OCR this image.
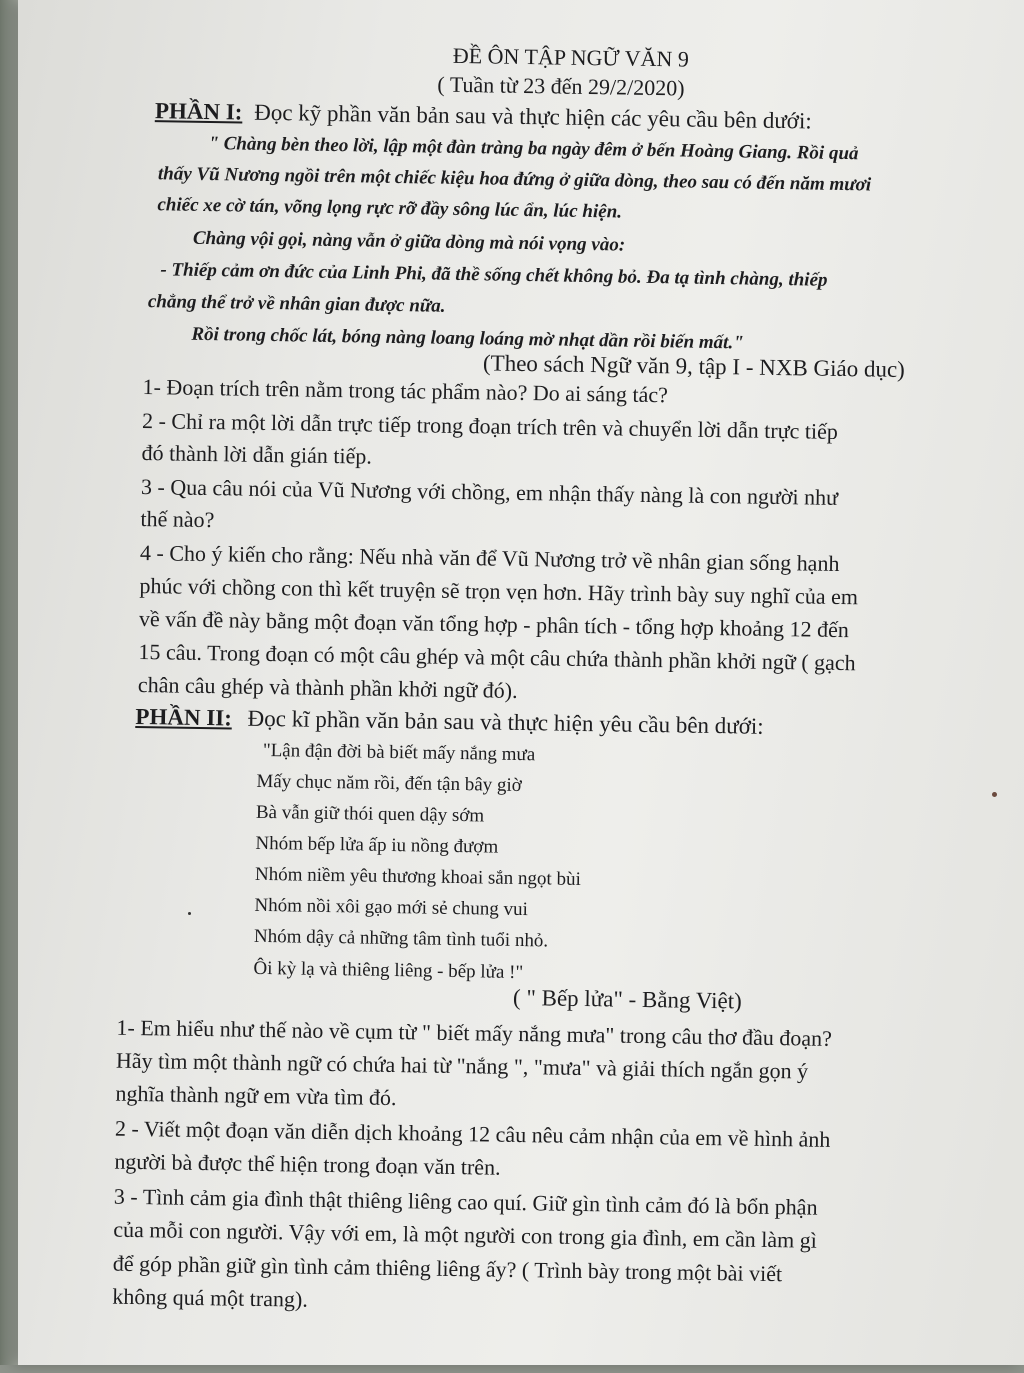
ĐỀ ÔN TẬP NGỮ VĂN 9
( Tuần từ 23 đến 29/2/2020)
PHẦN I: Đọc kỹ phần văn bản sau và thực hiện các yêu cầu bên dưới:
" Chàng bèn theo lời, lập một đàn tràng ba ngày đêm ở bến Hoàng Giang. Rồi quả
thấy Vũ Nương ngồi trên một chiếc kiệu hoa đứng ở giữa dòng, theo sau có đến năm mươi
chiếc xe cờ tán, võng lọng rực rỡ đầy sông lúc ẩn, lúc hiện.
Chàng vội gọi, nàng vẫn ở giữa dòng mà nói vọng vào:
- Thiếp cảm ơn đức của Linh Phi, đã thề sống chết không bỏ. Đa tạ tình chàng, thiếp
chẳng thể trở về nhân gian được nữa.
Rồi trong chốc lát, bóng nàng loang loáng mờ nhạt dần rồi biến mất."
(Theo sách Ngữ văn 9, tập I - NXB Giáo dục)
1- Đoạn trích trên nằm trong tác phẩm nào? Do ai sáng tác?
2 - Chỉ ra một lời dẫn trực tiếp trong đoạn trích trên và chuyển lời dẫn trực tiếp
đó thành lời dẫn gián tiếp.
3 - Qua câu nói của Vũ Nương với chồng, em nhận thấy nàng là con người như
thế nào?
4 - Cho ý kiến cho rằng: Nếu nhà văn để Vũ Nương trở về nhân gian sống hạnh
phúc với chồng con thì kết truyện sẽ trọn vẹn hơn. Hãy trình bày suy nghĩ của em
về vấn đề này bằng một đoạn văn tổng hợp - phân tích - tổng hợp khoảng 12 đến
15 câu. Trong đoạn có một câu ghép và một câu chứa thành phần khởi ngữ ( gạch
chân câu ghép và thành phần khởi ngữ đó).
PHẦN II: Đọc kĩ phần văn bản sau và thực hiện yêu cầu bên dưới:
"Lận đận đời bà biết mấy nắng mưa
Mấy chục năm rồi, đến tận bây giờ
Bà vẫn giữ thói quen dậy sớm
Nhóm bếp lửa ấp iu nồng đượm
Nhóm niềm yêu thương khoai sắn ngọt bùi
Nhóm nồi xôi gạo mới sẻ chung vui
Nhóm dậy cả những tâm tình tuổi nhỏ.
Ôi kỳ lạ và thiêng liêng - bếp lửa !"
( " Bếp lửa" - Bằng Việt)
1- Em hiểu như thế nào về cụm từ " biết mấy nắng mưa" trong câu thơ đầu đoạn?
Hãy tìm một thành ngữ có chứa hai từ "nắng ", "mưa" và giải thích ngắn gọn ý
nghĩa thành ngữ em vừa tìm đó.
2 - Viết một đoạn văn diễn dịch khoảng 12 câu nêu cảm nhận của em về hình ảnh
người bà được thể hiện trong đoạn văn trên.
3 - Tình cảm gia đình thật thiêng liêng cao quí. Giữ gìn tình cảm đó là bổn phận
của mỗi con người. Vậy với em, là một người con trong gia đình, em cần làm gì
để góp phần giữ gìn tình cảm thiêng liêng ấy? ( Trình bày trong một bài viết
không quá một trang).
